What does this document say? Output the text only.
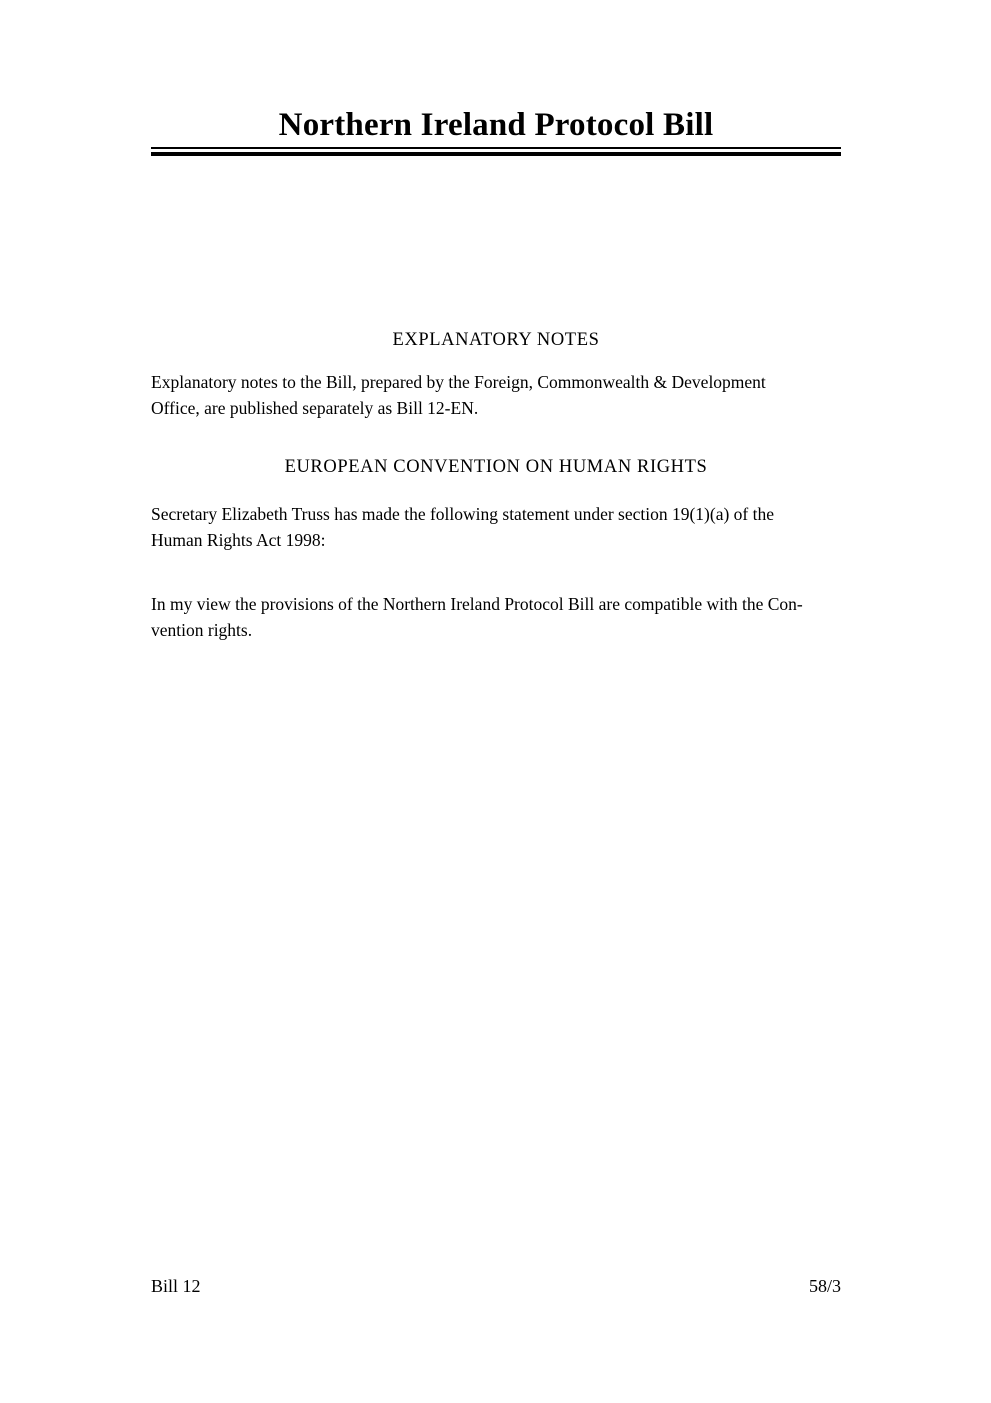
Northern Ireland Protocol Bill
EXPLANATORY NOTES
Explanatory notes to the Bill, prepared by the Foreign, Commonwealth & Development
Office, are published separately as Bill 12-EN.
EUROPEAN CONVENTION ON HUMAN RIGHTS
Secretary Elizabeth Truss has made the following statement under section 19(1)(a) of the
Human Rights Act 1998:
In my view the provisions of the Northern Ireland Protocol Bill are compatible with the Con-
vention rights.
Bill 12	58/3
